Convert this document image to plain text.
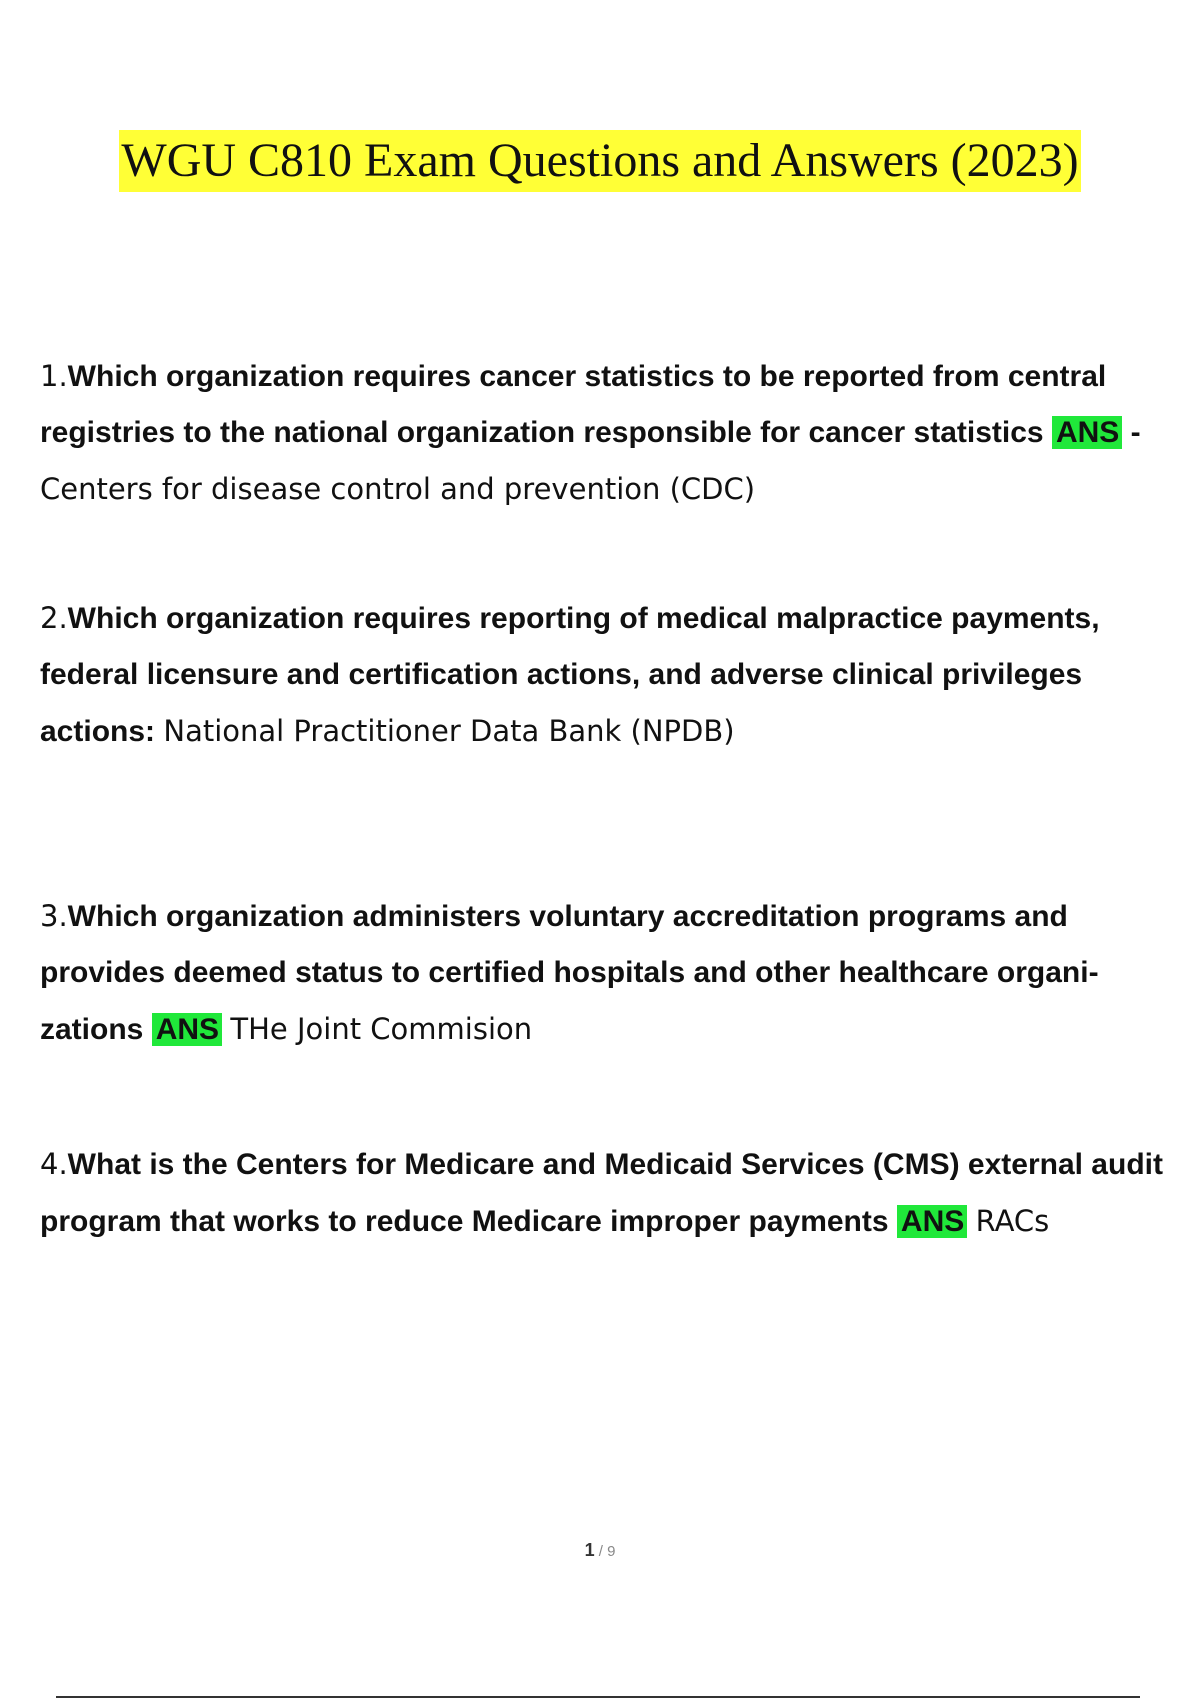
WGU C810 Exam Questions and Answers (2023)
1.Which organization requires cancer statistics to be reported from central registries to the national organization responsible for cancer statistics ANS - Centers for disease control and prevention (CDC)
2.Which organization requires reporting of medical malpractice payments, federal licensure and certification actions, and adverse clinical privileges actions: National Practitioner Data Bank (NPDB)
3.Which organization administers voluntary accreditation programs and provides deemed status to certified hospitals and other healthcare organi- zations ANS THe Joint Commision
4.What is the Centers for Medicare and Medicaid Services (CMS) external audit program that works to reduce Medicare improper payments ANS RACs
1 / 9
